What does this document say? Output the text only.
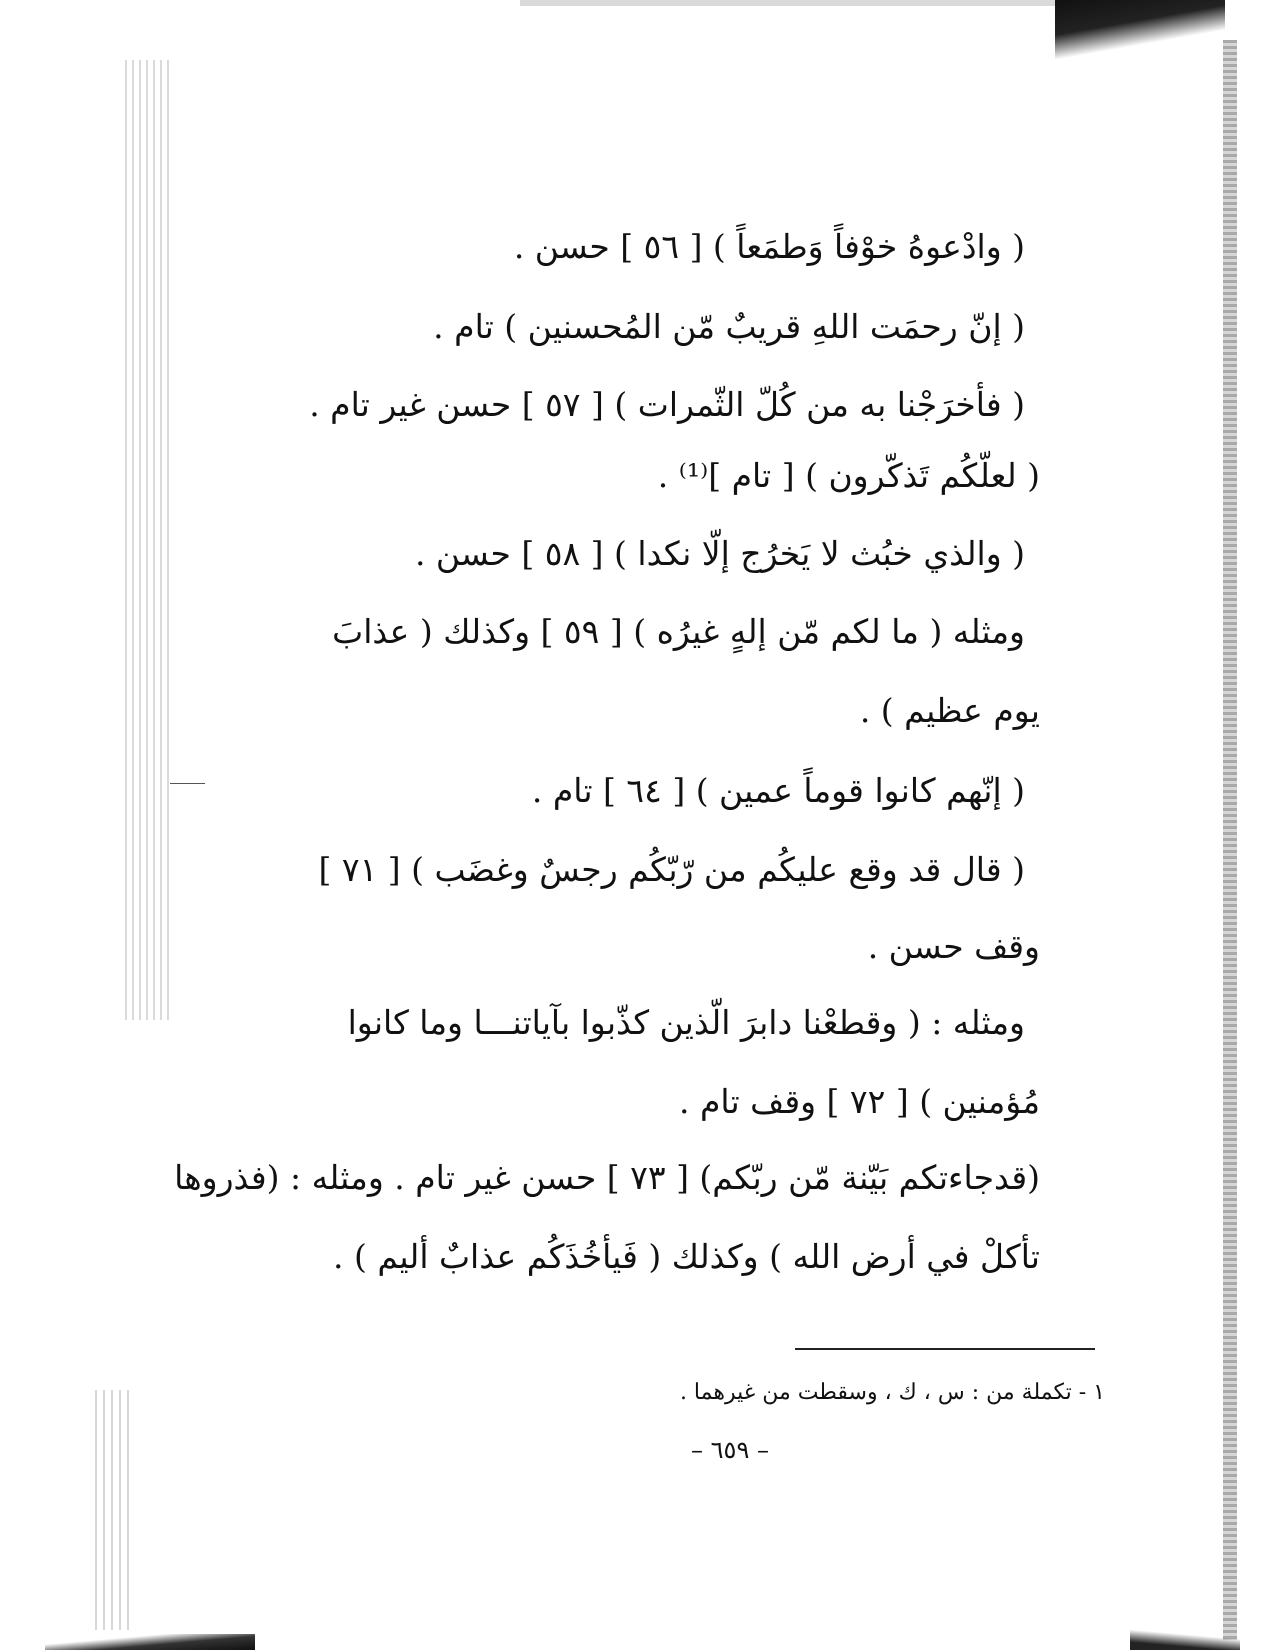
( وادْعوهُ خوْفاً وَطمَعاً ) [ ٥٦ ] حسن .
( إنّ رحمَت اللهِ قريبٌ مّن المُحسنين ) تام .
( فأخرَجْنا به من كُلّ الثّمرات ) [ ٥٧ ] حسن غير تام .
( لعلّكُم تَذكّرون ) [ تام ]⁽¹⁾ .
( والذي خبُث لا يَخرُج إلّا نكدا ) [ ٥٨ ] حسن .
ومثله ( ما لكم مّن إلهٍ غيرُه ) [ ٥٩ ] وكذلك ( عذابَ
يوم عظيم ) .
( إنّهم كانوا قوماً عمين ) [ ٦٤ ] تام .
( قال قد وقع عليكُم من رّبّكُم رجسٌ وغضَب ) [ ٧١ ]
وقف حسن .
ومثله : ( وقطعْنا دابرَ الّذين كذّبوا بآياتنـــا وما كانوا
مُؤمنين ) [ ٧٢ ] وقف تام .
(قدجاءتكم بَيّنة مّن ربّكم) [ ٧٣ ] حسن غير تام . ومثله : (فذروها
تأكلْ في أرض الله ) وكذلك ( فَيأخُذَكُم عذابٌ أليم ) .
١ - تكملة من : س ، ك ، وسقطت من غيرهما .
– ٦٥٩ –
